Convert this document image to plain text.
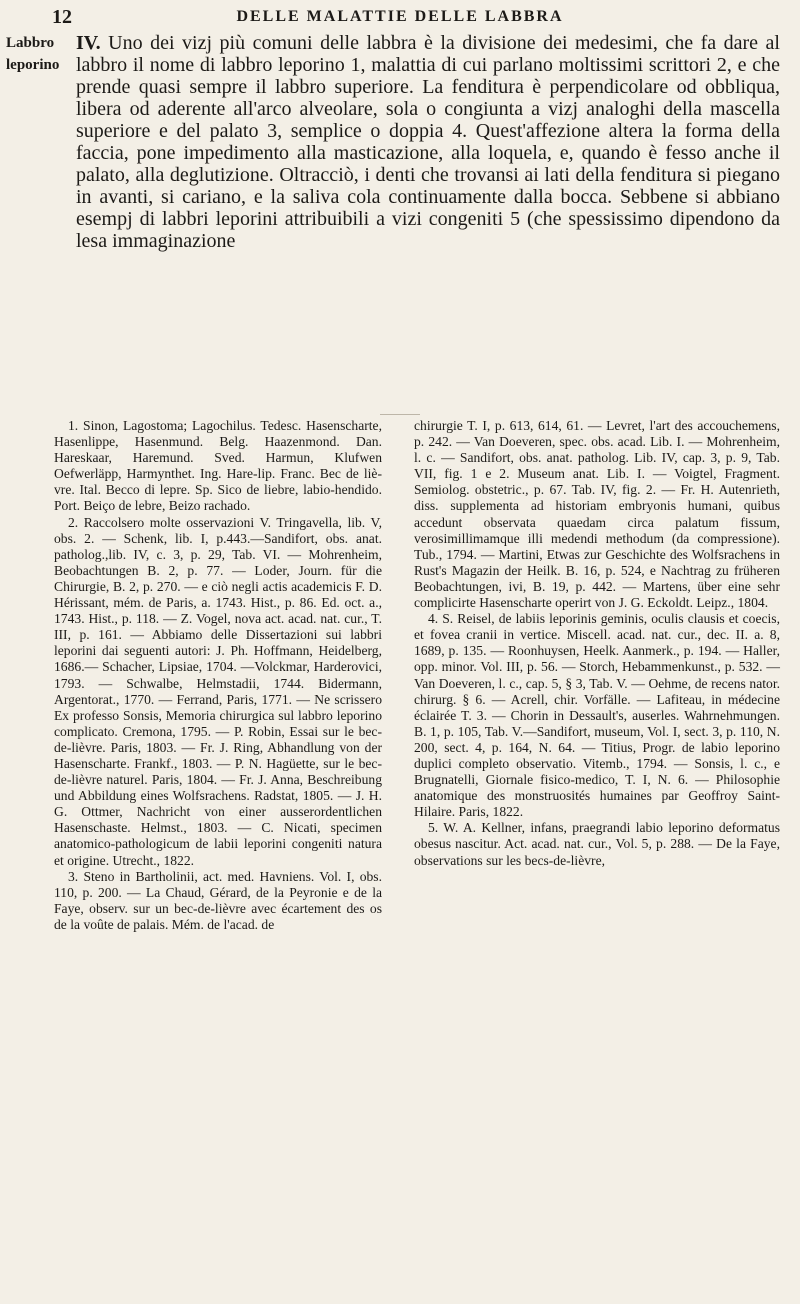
12	DELLE MALATTIE DELLE LABBRA
Labbro
leporino

IV. Uno dei vizj più comuni delle labbra è la divisione dei medesimi, che fa dare al labbro il nome di labbro leporino 1, malattia di cui parlano moltissimi scrittori 2, e che prende quasi sempre il labbro superiore. La fenditura è perpendicolare od obbliqua, libera od aderente all'arco alveolare, sola o congiunta a vizj analoghi della mascella superiore e del palato 3, semplice o doppia 4. Quest'affezione altera la forma della faccia, pone impedimento alla masticazione, alla loquela, e, quando è fesso anche il palato, alla deglutizione. Oltracciò, i denti che trovansi ai lati della fenditura si piegano in avanti, si cariano, e la saliva cola continuamente dalla bocca. Sebbene si abbiano esempj di labbri leporini attribuibili a vizi congeniti 5 (che spessissimo dipendono da lesa immaginazione

1. Sinon, Lagostoma; Lagochilus. Tedesc. Hasenscharte, Hasenlippe, Hasenmund. Belg. Haazenmond. Dan. Hareskaar, Haremund. Sved. Harmun, Klufwen Oefwerläpp, Harmynthet. Ing. Hare-lip. Franc. Bec de liè-vre. Ital. Becco di lepre. Sp. Sico de liebre, labio-hendido. Port. Beiço de lebre, Beizo rachado.

2. Raccolsero molte osservazioni V. Tringavella, lib. V, obs. 2. — Schenk, lib. I, p.443.—Sandifort, obs. anat. patholog.,lib. IV, c. 3, p. 29, Tab. VI. — Mohrenheim, Beobachtungen B. 2, p. 77. — Loder, Journ. für die Chirurgie, B. 2, p. 270. — e ciò negli actis academicis F. D. Hérissant, mém. de Paris, a. 1743. Hist., p. 86. Ed. oct. a., 1743. Hist., p. 118. — Z. Vogel, nova act. acad. nat. cur., T. III, p. 161. — Abbiamo delle Dissertazioni sui labbri leporini dai seguenti autori: J. Ph. Hoffmann, Heidelberg, 1686.— Schacher, Lipsiae, 1704. —Volckmar, Harderovici, 1793. — Schwalbe, Helmstadii, 1744. Bidermann, Argentorat., 1770. — Ferrand, Paris, 1771. — Ne scrissero Ex professo Sonsis, Memoria chirurgica sul labbro leporino complicato. Cremona, 1795. — P. Robin, Essai sur le bec-de-lièvre. Paris, 1803. — Fr. J. Ring, Abhandlung von der Hasenscharte. Frankf., 1803. — P. N. Hagüette, sur le bec-de-lièvre naturel. Paris, 1804. — Fr. J. Anna, Beschreibung und Abbildung eines Wolfsrachens. Radstat, 1805. — J. H. G. Ottmer, Nachricht von einer ausserordentlichen Hasenschaste. Helmst., 1803. — C. Nicati, specimen anatomico-pathologicum de labii leporini congeniti natura et origine. Utrecht., 1822.

3. Steno in Bartholinii, act. med. Havniens. Vol. I, obs. 110, p. 200. — La Chaud, Gérard, de la Peyronie e de la Faye, observ. sur un bec-de-lièvre avec écartement des os de la voûte de palais. Mém. de l'acad. de

chirurgie T. I, p. 613, 614, 61. — Levret, l'art des accouchemens, p. 242. — Van Doeveren, spec. obs. acad. Lib. I. — Mohrenheim, l. c. — Sandifort, obs. anat. patholog. Lib. IV, cap. 3, p. 9, Tab. VII, fig. 1 e 2. Museum anat. Lib. I. — Voigtel, Fragment. Semiolog. obstetric., p. 67. Tab. IV, fig. 2. — Fr. H. Autenrieth, diss. supplementa ad historiam embryonis humani, quibus accedunt observata quaedam circa palatum fissum, verosimillimamque illi medendi methodum (da compressione). Tub., 1794. — Martini, Etwas zur Geschichte des Wolfsrachens in Rust's Magazin der Heilk. B. 16, p. 524, e Nachtrag zu früheren Beobachtungen, ivi, B. 19, p. 442. — Martens, über eine sehr complicirte Hasenscharte operirt von J. G. Eckoldt. Leipz., 1804.

4. S. Reisel, de labiis leporinis geminis, oculis clausis et coecis, et fovea cranii in vertice. Miscell. acad. nat. cur., dec. II. a. 8, 1689, p. 135. — Roonhuysen, Heelk. Aanmerk., p. 194. — Haller, opp. minor. Vol. III, p. 56. — Storch, Hebammenkunst., p. 532. — Van Doeveren, l. c., cap. 5, § 3, Tab. V. — Oehme, de recens nator. chirurg. § 6. — Acrell, chir. Vorfälle. — Lafiteau, in médecine éclairée T. 3. — Chorin in Dessault's, auserles. Wahrnehmungen. B. 1, p. 105, Tab. V.—Sandifort, museum, Vol. I, sect. 3, p. 110, N. 200, sect. 4, p. 164, N. 64. — Titius, Progr. de labio leporino duplici completo observatio. Vitemb., 1794. — Sonsis, l. c., e Brugnatelli, Giornale fisico-medico, T. I, N. 6. — Philosophie anatomique des monstruosités humaines par Geoffroy Saint-Hilaire. Paris, 1822.

5. W. A. Kellner, infans, praegrandi labio leporino deformatus obesus nascitur. Act. acad. nat. cur., Vol. 5, p. 288. — De la Faye, observations sur les becs-de-lièvre,
